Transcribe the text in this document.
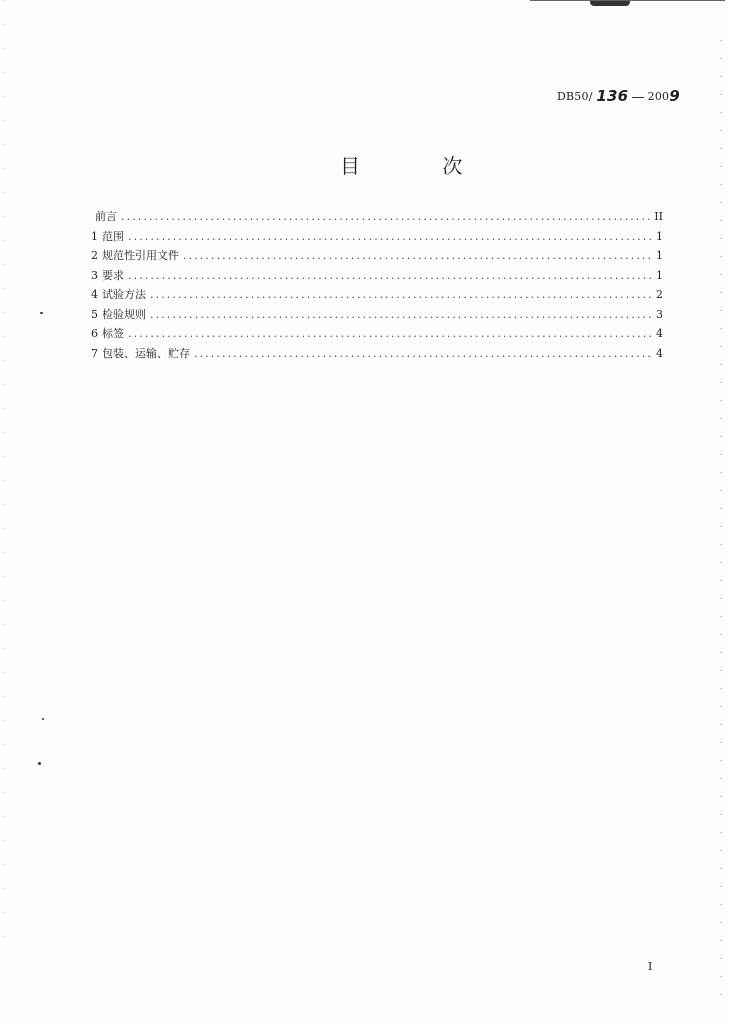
DB50/ 136 2009
目 次
前言 .....	II
1 范围 .....	1
2 规范性引用文件 .....	1
3 要求 .....	1
4 试验方法 .....	2
5 检验规则 .....	3
6 标签 .....	4
7 包装、运输、贮存 .....	4
I
